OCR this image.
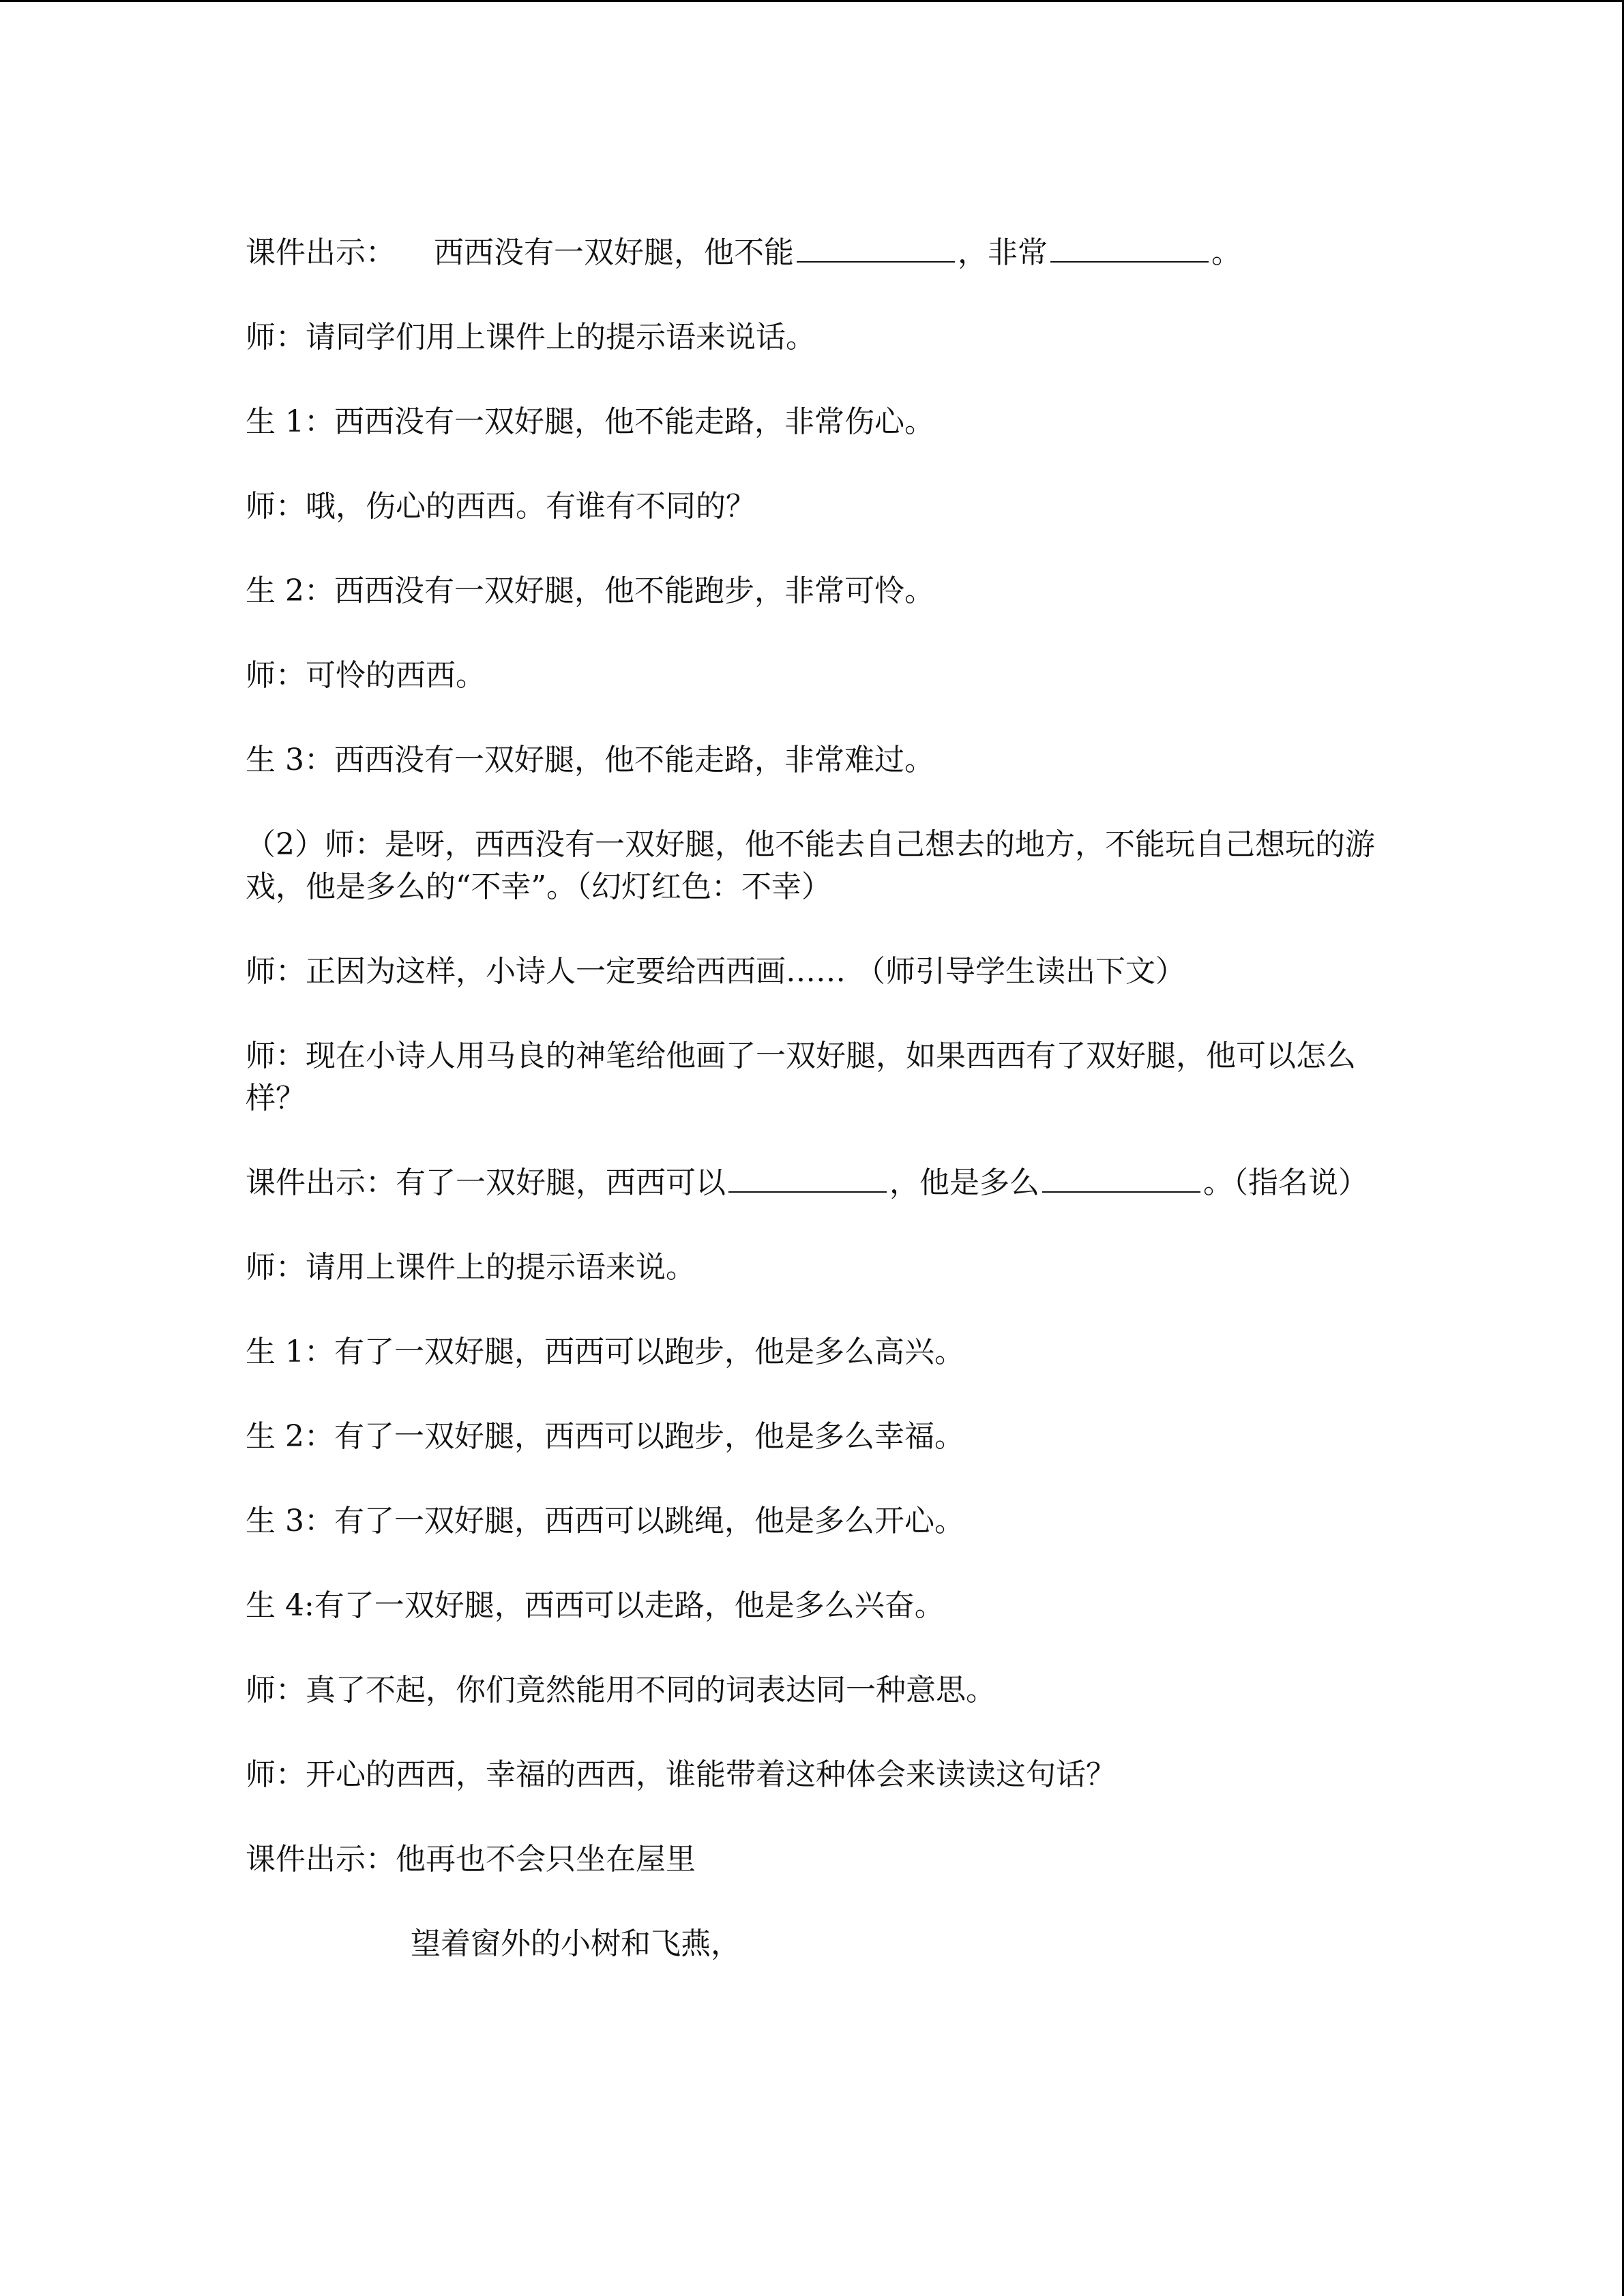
课件出示：    西西没有一双好腿，他不能	，非常	。

师：请同学们用上课件上的提示语来说话。

生 1：西西没有一双好腿，他不能走路，非常伤心。

师：哦，伤心的西西。有谁有不同的？

生 2：西西没有一双好腿，他不能跑步，非常可怜。

师：可怜的西西。

生 3：西西没有一双好腿，他不能走路，非常难过。

（2）师：是呀，西西没有一双好腿，他不能去自己想去的地方，不能玩自己想玩的游戏，他是多么的“不幸”。（幻灯红色：不幸）

师：正因为这样，小诗人一定要给西西画…… （师引导学生读出下文）

师：现在小诗人用马良的神笔给他画了一双好腿，如果西西有了双好腿，他可以怎么样？

课件出示：有了一双好腿，西西可以	，他是多么	。（指名说）

师：请用上课件上的提示语来说。

生 1：有了一双好腿，西西可以跑步，他是多么高兴。

生 2：有了一双好腿，西西可以跑步，他是多么幸福。

生 3：有了一双好腿，西西可以跳绳，他是多么开心。

生 4:有了一双好腿，西西可以走路，他是多么兴奋。

师：真了不起，你们竟然能用不同的词表达同一种意思。

师：开心的西西，幸福的西西，谁能带着这种体会来读读这句话？

课件出示：他再也不会只坐在屋里

望着窗外的小树和飞燕，
